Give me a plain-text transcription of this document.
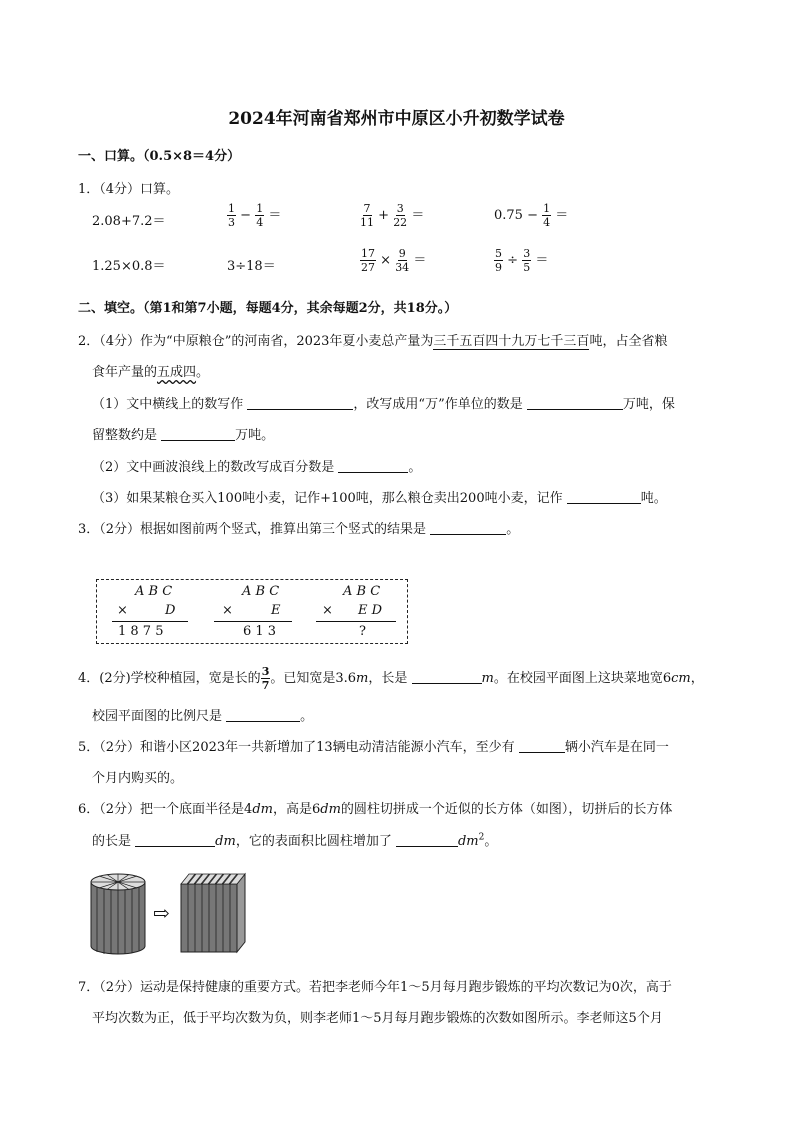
2024年河南省郑州市中原区小升初数学试卷
一、口算。（0.5×8＝4分）
1．（4分）口算。
2.08+7.2＝	$\frac{1}{3} - \frac{1}{4}$ ＝	$\frac{7}{11} + \frac{3}{22}$ ＝	$0.75 - \frac{1}{4}$ ＝
1.25×0.8＝	3÷18＝	$\frac{17}{27} \times \frac{9}{34}$ ＝	$\frac{5}{9} \div \frac{3}{5}$ ＝
二、填空。（第1和第7小题，每题4分，其余每题2分，共18分。）
2．（4分）作为“中原粮仓”的河南省，2023年夏小麦总产量为三千五百四十九万七千三百吨，占全省粮
食年产量的五成四。
（1）文中横线上的数写作	，改写成用“万”作单位的数是	万吨，保
留整数约是	万吨。
（2）文中画波浪线上的数改写成百分数是	。
（3）如果某粮仓买入100吨小麦，记作+100吨，那么粮仓卖出200吨小麦，记作	吨。
3．（2分）根据如图前两个竖式，推算出第三个竖式的结果是	。
A B C
×	D
1 8 7 5
A B C
×	E
6 1 3
A B C
× E D
?
4．(2分)学校种植园，宽是长的 $\frac{3}{7}$ 。已知宽是3.6m，长是	m。在校园平面图上这块菜地宽6cm，
校园平面图的比例尺是	。
5．（2分）和谐小区2023年一共新增加了13辆电动清洁能源小汽车，至少有	辆小汽车是在同一
个月内购买的。
6．（2分）把一个底面半径是4dm，高是6dm的圆柱切拼成一个近似的长方体（如图），切拼后的长方体
的长是	dm，它的表面积比圆柱增加了	$dm^2$。
⇨
7．（2分）运动是保持健康的重要方式。若把李老师今年1～5月每月跑步锻炼的平均次数记为0次，高于
平均次数为正，低于平均次数为负，则李老师1～5月每月跑步锻炼的次数如图所示。李老师这5个月
